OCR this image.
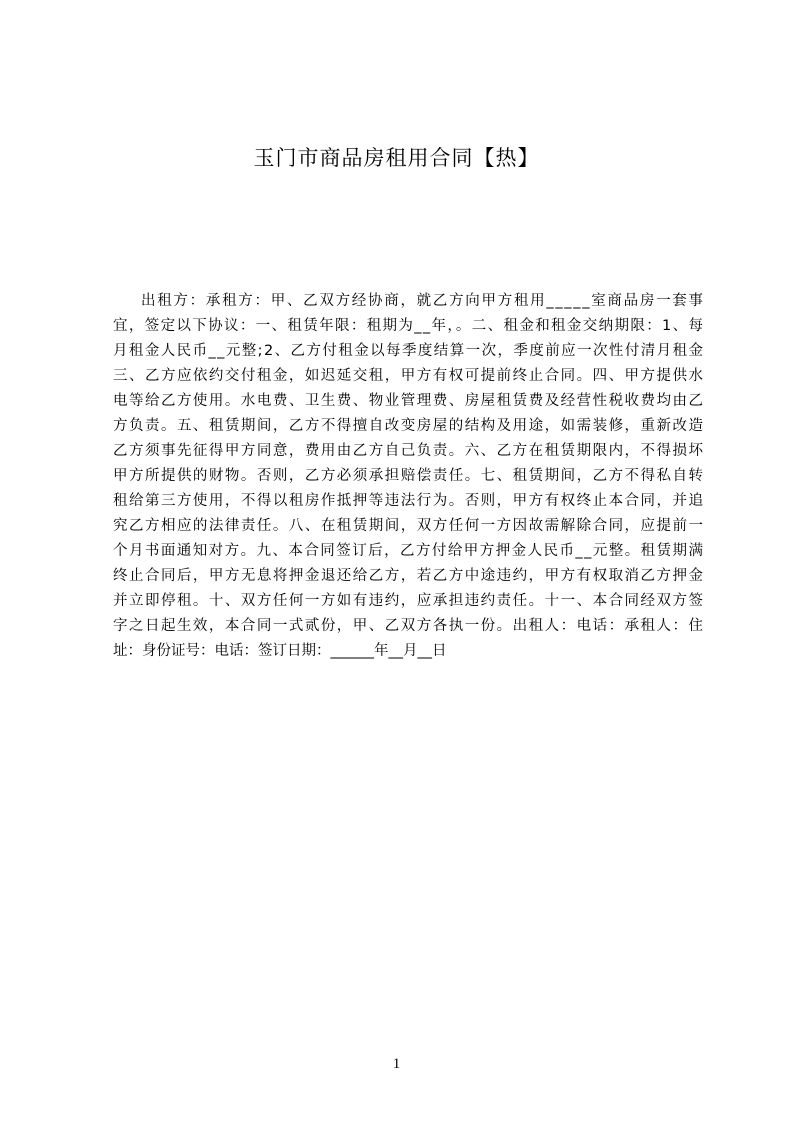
玉门市商品房租用合同【热】
出租方：承租方：甲、乙双方经协商，就乙方向甲方租用_____室商品房一套事
宜，签定以下协议：一、租赁年限：租期为__年，。二、租金和租金交纳期限：1、每
月租金人民币__元整;2、乙方付租金以每季度结算一次，季度前应一次性付清月租金
三、乙方应依约交付租金，如迟延交租，甲方有权可提前终止合同。四、甲方提供水
电等给乙方使用。水电费、卫生费、物业管理费、房屋租赁费及经营性税收费均由乙
方负责。五、租赁期间，乙方不得擅自改变房屋的结构及用途，如需装修，重新改造
乙方须事先征得甲方同意，费用由乙方自己负责。六、乙方在租赁期限内，不得损坏
甲方所提供的财物。否则，乙方必须承担赔偿责任。七、租赁期间，乙方不得私自转
租给第三方使用，不得以租房作抵押等违法行为。否则，甲方有权终止本合同，并追
究乙方相应的法律责任。八、在租赁期间，双方任何一方因故需解除合同，应提前一
个月书面通知对方。九、本合同签订后，乙方付给甲方押金人民币__元整。租赁期满
终止合同后，甲方无息将押金退还给乙方，若乙方中途违约，甲方有权取消乙方押金
并立即停租。十、双方任何一方如有违约，应承担违约责任。十一、本合同经双方签
字之日起生效，本合同一式贰份，甲、乙双方各执一份。出租人：电话：承租人：住
址：身份证号：电话：签订日期：______年__月__日
1
